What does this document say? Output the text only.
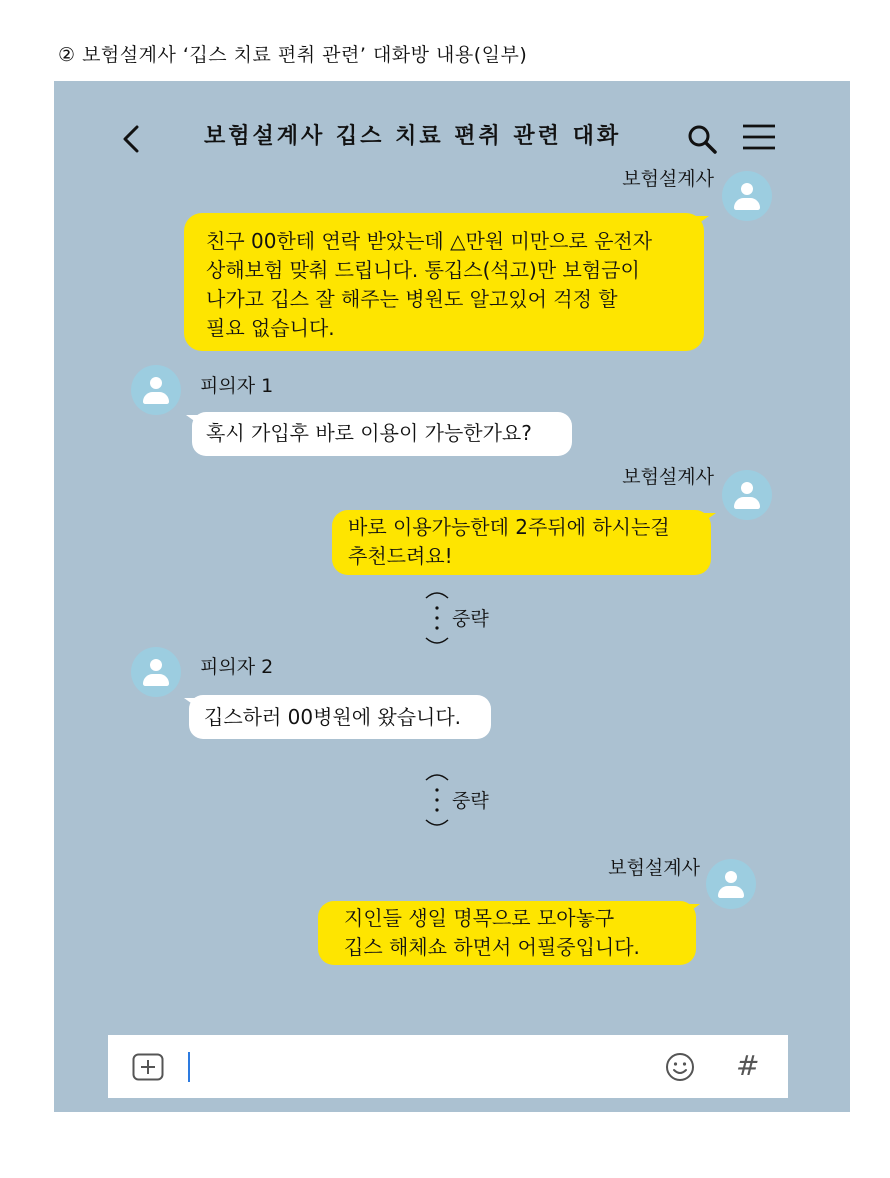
② 보험설계사 ‘깁스 치료 편취 관련’ 대화방 내용(일부)
보험설계사 깁스 치료 편취 관련 대화
보험설계사
친구 00한테 연락 받았는데 △만원 미만으로 운전자
상해보험 맞춰 드립니다. 통깁스(석고)만 보험금이
나가고 깁스 잘 해주는 병원도 알고있어 걱정 할
필요 없습니다.
피의자 1
혹시 가입후 바로 이용이 가능한가요?
보험설계사
바로 이용가능한데 2주뒤에 하시는걸
추천드려요!
중략
피의자 2
깁스하러 00병원에 왔습니다.
중략
보험설계사
지인들 생일 명목으로 모아놓구
깁스 해체쇼 하면서 어필중입니다.
#
